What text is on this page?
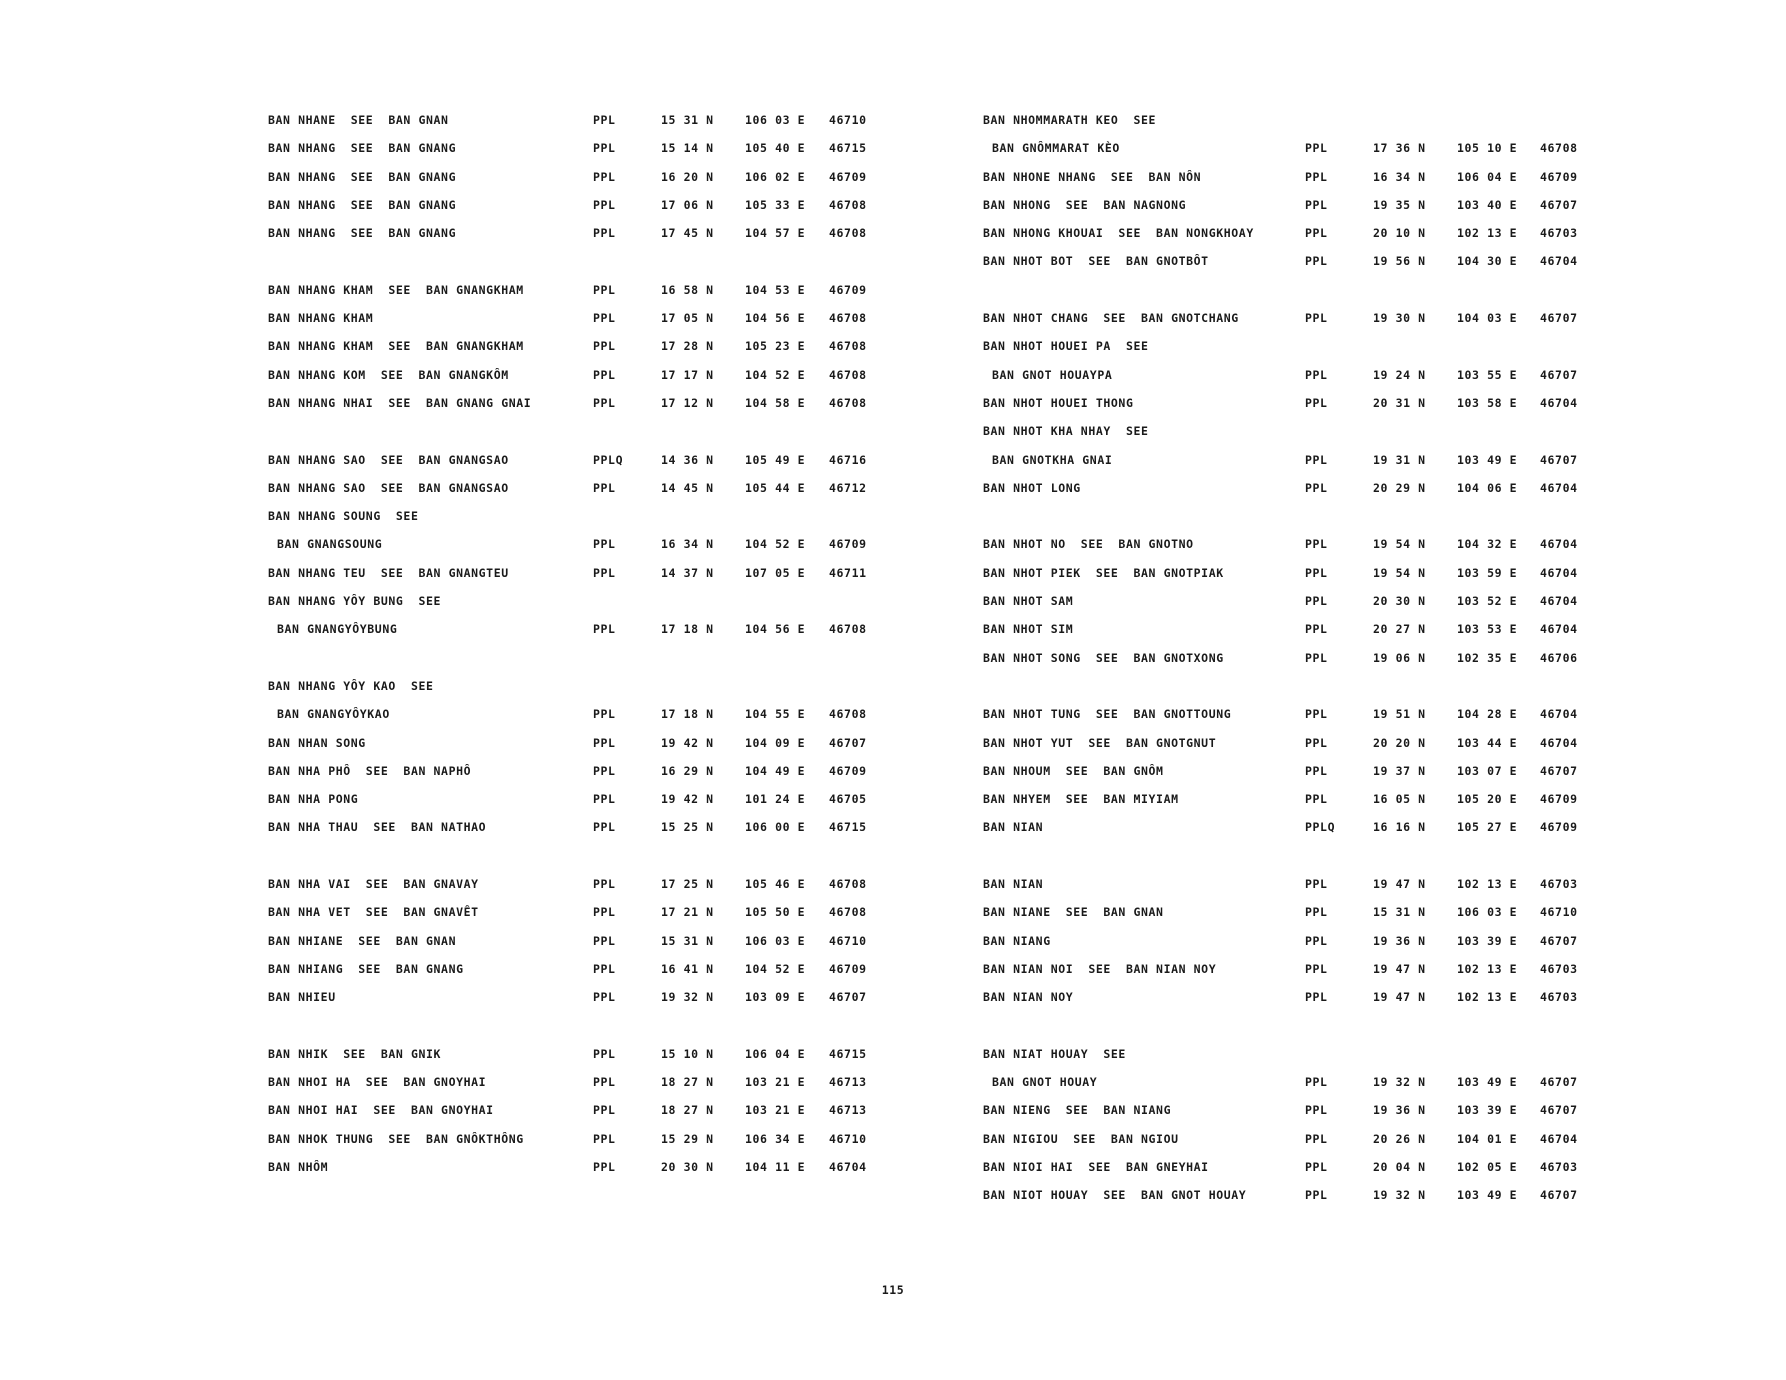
BAN NHANE  SEE  BAN GNAN	PPL	15 31 N	106 03 E 46710
BAN NHANG  SEE  BAN GNANG	PPL	15 14 N	105 40 E 46715
BAN NHANG  SEE  BAN GNANG	PPL	16 20 N	106 02 E 46709
BAN NHANG  SEE  BAN GNANG	PPL	17 06 N	105 33 E 46708
BAN NHANG  SEE  BAN GNANG	PPL	17 45 N	104 57 E 46708
BAN NHANG KHAM  SEE  BAN GNANGKHAM	PPL	16 58 N	104 53 E 46709
BAN NHANG KHAM	PPL	17 05 N	104 56 E 46708
BAN NHANG KHAM  SEE  BAN GNANGKHAM	PPL	17 28 N	105 23 E 46708
BAN NHANG KOM  SEE  BAN GNANGKÔM	PPL	17 17 N	104 52 E 46708
BAN NHANG NHAI  SEE  BAN GNANG GNAI	PPL	17 12 N	104 58 E 46708
BAN NHANG SAO  SEE  BAN GNANGSAO	PPLQ	14 36 N	105 49 E 46716
BAN NHANG SAO  SEE  BAN GNANGSAO	PPL	14 45 N	105 44 E 46712
BAN NHANG SOUNG  SEE
BAN GNANGSOUNG	PPL	16 34 N	104 52 E 46709
BAN NHANG TEU  SEE  BAN GNANGTEU	PPL	14 37 N	107 05 E 46711
BAN NHANG YÔY BUNG  SEE
BAN GNANGYÔYBUNG	PPL	17 18 N	104 56 E 46708
BAN NHANG YÔY KAO  SEE
BAN GNANGYÔYKAO	PPL	17 18 N	104 55 E 46708
BAN NHAN SONG	PPL	19 42 N	104 09 E 46707
BAN NHA PHÔ  SEE  BAN NAPHÔ	PPL	16 29 N	104 49 E 46709
BAN NHA PONG	PPL	19 42 N	101 24 E 46705
BAN NHA THAU  SEE  BAN NATHAO	PPL	15 25 N	106 00 E 46715
BAN NHA VAI  SEE  BAN GNAVAY	PPL	17 25 N	105 46 E 46708
BAN NHA VET  SEE  BAN GNAVÊT	PPL	17 21 N	105 50 E 46708
BAN NHIANE  SEE  BAN GNAN	PPL	15 31 N	106 03 E 46710
BAN NHIANG  SEE  BAN GNANG	PPL	16 41 N	104 52 E 46709
BAN NHIEU	PPL	19 32 N	103 09 E 46707
BAN NHIK  SEE  BAN GNIK	PPL	15 10 N	106 04 E 46715
BAN NHOI HA  SEE  BAN GNOYHAI	PPL	18 27 N	103 21 E 46713
BAN NHOI HAI  SEE  BAN GNOYHAI	PPL	18 27 N	103 21 E 46713
BAN NHOK THUNG  SEE  BAN GNÔKTHÔNG	PPL	15 29 N	106 34 E 46710
BAN NHÔM	PPL	20 30 N	104 11 E 46704
BAN NHOMMARATH KEO  SEE
BAN GNÔMMARAT KÈO	PPL	17 36 N	105 10 E 46708
BAN NHONE NHANG  SEE  BAN NÔN	PPL	16 34 N	106 04 E 46709
BAN NHONG  SEE  BAN NAGNONG	PPL	19 35 N	103 40 E 46707
BAN NHONG KHOUAI  SEE  BAN NONGKHOAY	PPL	20 10 N	102 13 E 46703
BAN NHOT BOT  SEE  BAN GNOTBÔT	PPL	19 56 N	104 30 E 46704
BAN NHOT CHANG  SEE  BAN GNOTCHANG	PPL	19 30 N	104 03 E 46707
BAN NHOT HOUEI PA  SEE
BAN GNOT HOUAYPA	PPL	19 24 N	103 55 E 46707
BAN NHOT HOUEI THONG	PPL	20 31 N	103 58 E 46704
BAN NHOT KHA NHAY  SEE
BAN GNOTKHA GNAI	PPL	19 31 N	103 49 E 46707
BAN NHOT LONG	PPL	20 29 N	104 06 E 46704
BAN NHOT NO  SEE  BAN GNOTNO	PPL	19 54 N	104 32 E 46704
BAN NHOT PIEK  SEE  BAN GNOTPIAK	PPL	19 54 N	103 59 E 46704
BAN NHOT SAM	PPL	20 30 N	103 52 E 46704
BAN NHOT SIM	PPL	20 27 N	103 53 E 46704
BAN NHOT SONG  SEE  BAN GNOTXONG	PPL	19 06 N	102 35 E 46706
BAN NHOT TUNG  SEE  BAN GNOTTOUNG	PPL	19 51 N	104 28 E 46704
BAN NHOT YUT  SEE  BAN GNOTGNUT	PPL	20 20 N	103 44 E 46704
BAN NHOUM  SEE  BAN GNÔM	PPL	19 37 N	103 07 E 46707
BAN NHYEM  SEE  BAN MIYIAM	PPL	16 05 N	105 20 E 46709
BAN NIAN	PPLQ	16 16 N	105 27 E 46709
BAN NIAN	PPL	19 47 N	102 13 E 46703
BAN NIANE  SEE  BAN GNAN	PPL	15 31 N	106 03 E 46710
BAN NIANG	PPL	19 36 N	103 39 E 46707
BAN NIAN NOI  SEE  BAN NIAN NOY	PPL	19 47 N	102 13 E 46703
BAN NIAN NOY	PPL	19 47 N	102 13 E 46703
BAN NIAT HOUAY  SEE
BAN GNOT HOUAY	PPL	19 32 N	103 49 E 46707
BAN NIENG  SEE  BAN NIANG	PPL	19 36 N	103 39 E 46707
BAN NIGIOU  SEE  BAN NGIOU	PPL	20 26 N	104 01 E 46704
BAN NIOI HAI  SEE  BAN GNEYHAI	PPL	20 04 N	102 05 E 46703
BAN NIOT HOUAY  SEE  BAN GNOT HOUAY	PPL	19 32 N	103 49 E 46707
115
